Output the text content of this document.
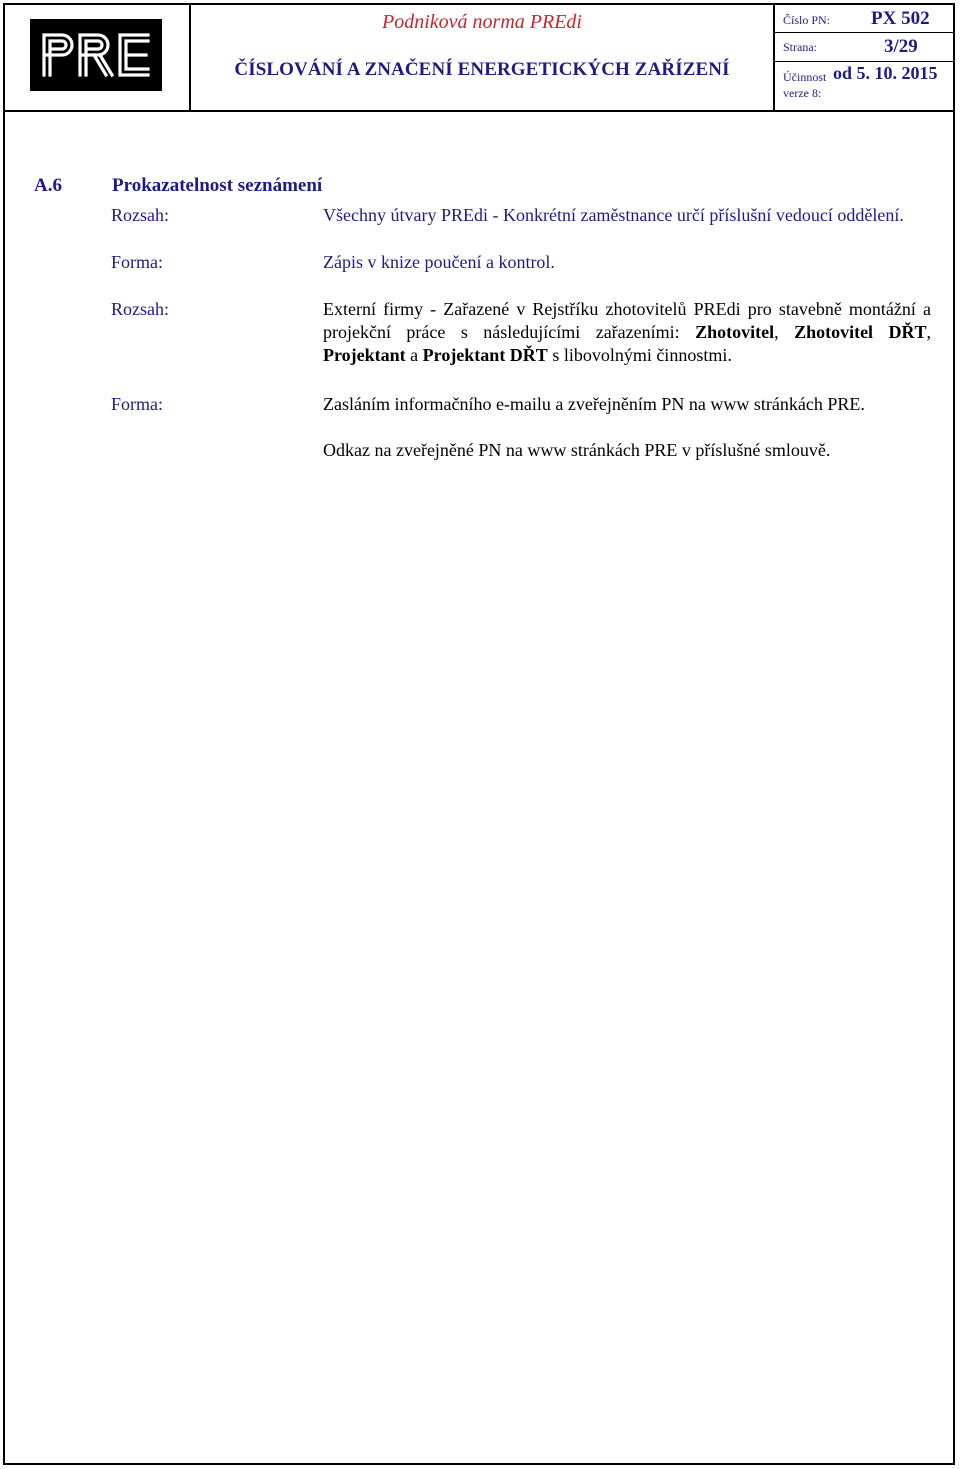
Podniková norma PREdi
ČÍSLOVÁNÍ A ZNAČENÍ ENERGETICKÝCH ZAŘÍZENÍ
Číslo PN: PX 502
Strana:	3/29
Účinnost od 5. 10. 2015
verze 8:
A.6	Prokazatelnost seznámení
Rozsah:	Všechny útvary PREdi - Konkrétní zaměstnance určí příslušní vedoucí oddělení.
Forma:	Zápis v knize poučení a kontrol.
Rozsah:	Externí firmy - Zařazené v Rejstříku zhotovitelů PREdi pro stavebně montážní a projekční práce s následujícími zařazeními: Zhotovitel, Zhotovitel DŘT, Projektant a Projektant DŘT s libovolnými činnostmi.
Forma:	Zasláním informačního e-mailu a zveřejněním PN na www stránkách PRE.
Odkaz na zveřejněné PN na www stránkách PRE v příslušné smlouvě.
